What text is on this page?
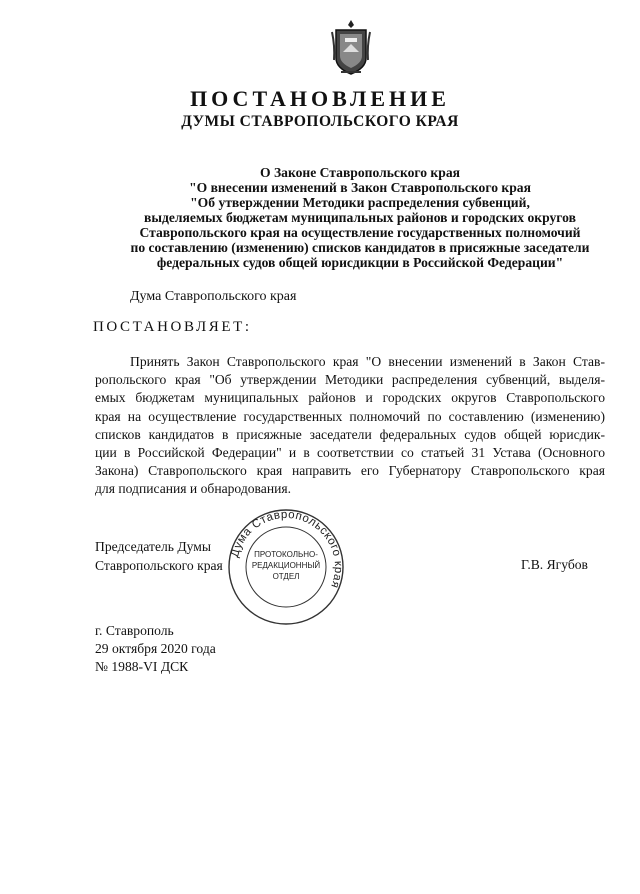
ПОСТАНОВЛЕНИЕ
ДУМЫ СТАВРОПОЛЬСКОГО КРАЯ
О Законе Ставропольского края
"О внесении изменений в Закон Ставропольского края
"Об утверждении Методики распределения субвенций,
выделяемых бюджетам муниципальных районов и городских округов
Ставропольского края на осуществление государственных полномочий
по составлению (изменению) списков кандидатов в присяжные заседатели
федеральных судов общей юрисдикции в Российской Федерации"
Дума Ставропольского края
ПОСТАНОВЛЯЕТ:
Принять Закон Ставропольского края "О внесении изменений в Закон Став-
ропольского края "Об утверждении Методики распределения субвенций, выделя-
емых бюджетам муниципальных районов и городских округов Ставропольского
края на осуществление государственных полномочий по составлению (изменению)
списков кандидатов в присяжные заседатели федеральных судов общей юрисдик-
ции в Российской Федерации" и в соответствии со статьей 31 Устава (Основного
Закона) Ставропольского края направить его Губернатору Ставропольского края
для подписания и обнародования.
Председатель Думы
Ставропольского края	Г.В. Ягубов
Дума Ставропольского края
ПРОТОКОЛЬНО-
РЕДАКЦИОННЫЙ
ОТДЕЛ
г. Ставрополь
29 октября 2020 года
№ 1988-VI ДСК
